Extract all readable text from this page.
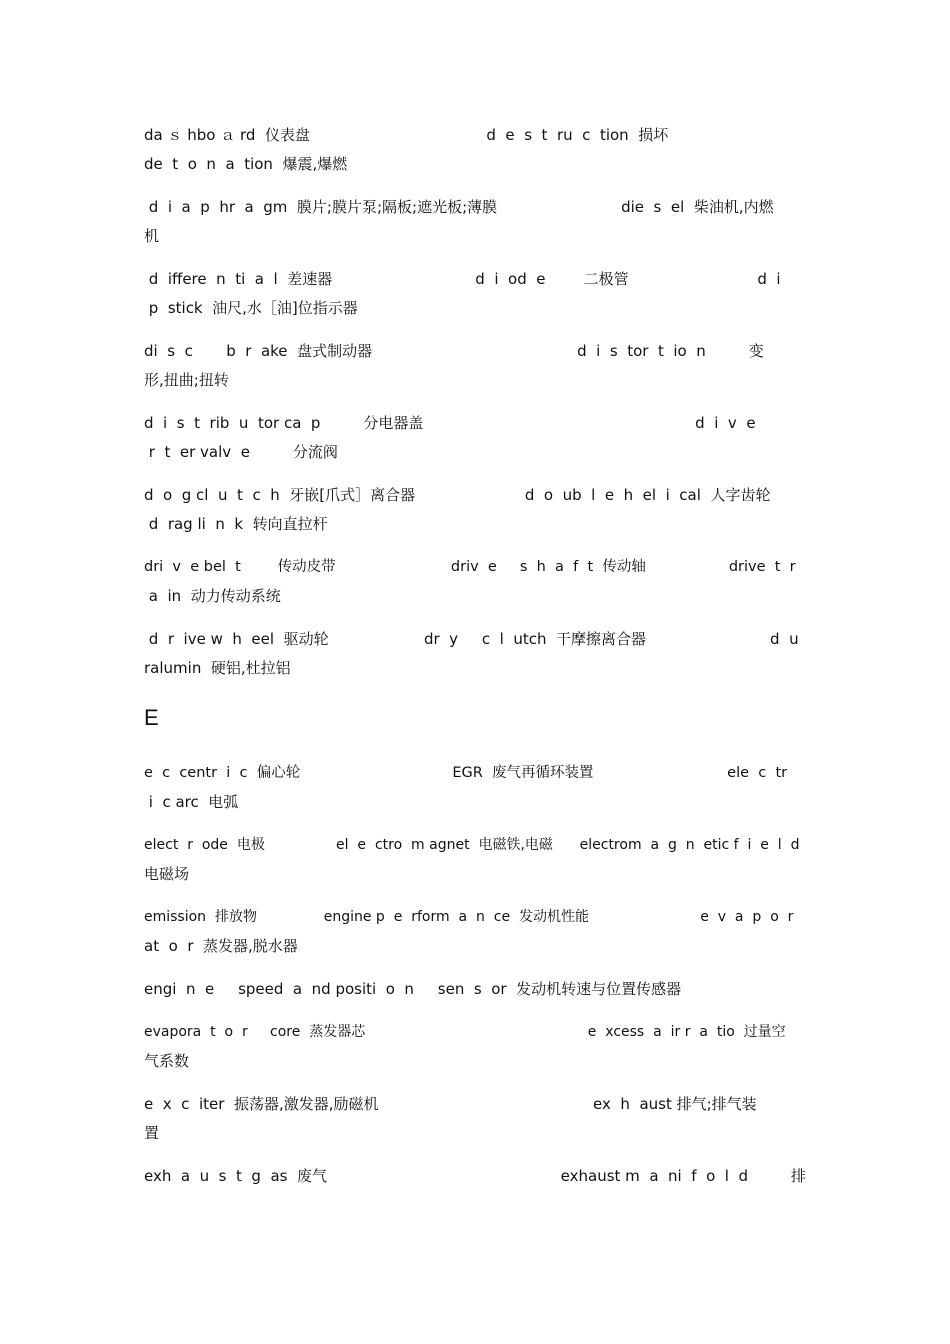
da ｓ hbo ａ rd  仪表盘                                     d  e  s  t  ru  c  tion  损坏
de  t  o  n  a  tion  爆震,爆燃

d  i  a  p  hr  a  gm  膜片;膜片泵;隔板;遮光板;薄膜                          die  s  el  柴油机,内燃
机

d  iffere  n  ti  a  l  差速器                              d  i  od  e        二极管                           d  i
p  stick  油尺,水［油]位指示器

di  s  c       b  r  ake  盘式制动器                                           d  i  s  tor  t  io  n         变
形,扭曲;扭转

d  i  s  t  rib  u  tor ca  p         分电器盖                                                         d  i  v  e
r  t  er valv  e         分流阀

d  o  g cl  u  t  c  h  牙嵌[爪式］离合器                       d  o  ub  l  e  h  el  i  cal  人字齿轮
d  rag li  n  k  转向直拉杆

dri  v  e bel  t        传动皮带                         driv  e     s  h  a  f  t  传动轴                  drive  t  r
a  in  动力传动系统

d  r  ive w  h  eel  驱动轮                    dr  y     c  l  utch  干摩擦离合器                          d  u
ralumin  硬铝,杜拉铝

E

e  c  centr  i  c  偏心轮                                 EGR  废气再循环装置                             ele  c  tr
i  c arc  电弧

elect  r  ode  电极                el  e  ctro  m agnet  电磁铁,电磁      electrom  a  g  n  etic f  i  e  l  d
电磁场

emission  排放物               engine p  e  rform  a  n  ce  发动机性能                         e  v  a  p  o  r
at  o  r  蒸发器,脱水器

engi  n  e     speed  a  nd positi  o  n     sen  s  or  发动机转速与位置传感器

evapora  t  o  r     core  蒸发器芯                                                  e  xcess  a  ir r  a  tio  过量空
气系数

e  x  c  iter  振荡器,激发器,励磁机                                             ex  h  aust 排气;排气装
置

exh  a  u  s  t  g  as  废气                                                 exhaust m  a  ni  f  o  l  d         排
